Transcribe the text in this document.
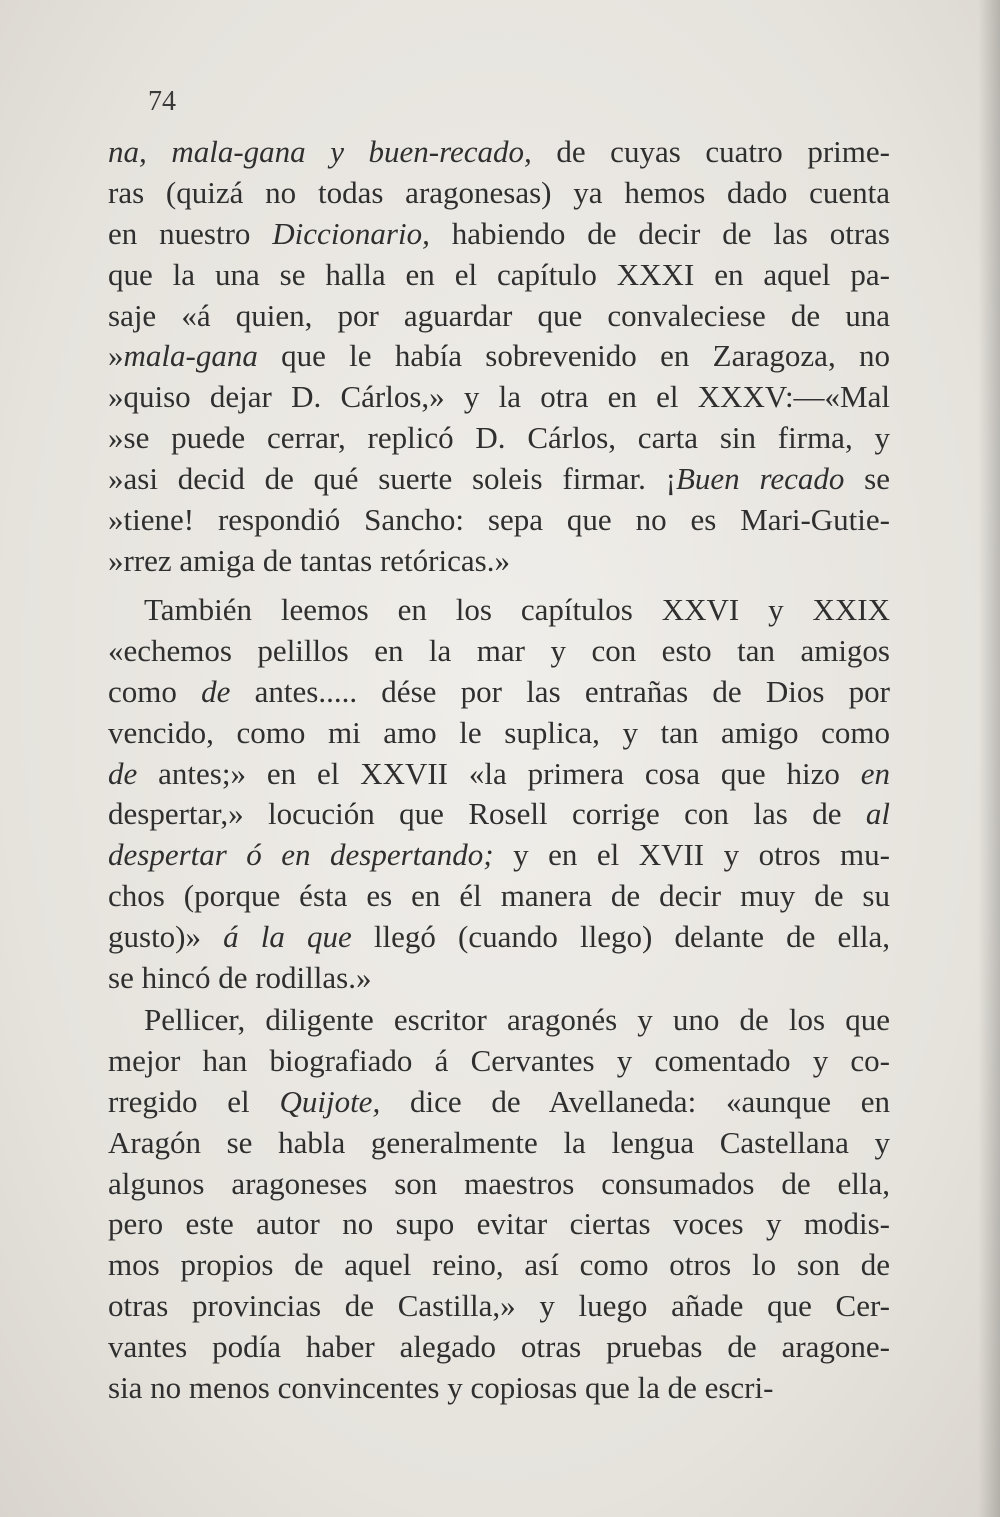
74
na, mala-gana y buen-recado, de cuyas cuatro prime-
ras (quizá no todas aragonesas) ya hemos dado cuenta
en nuestro Diccionario, habiendo de decir de las otras
que la una se halla en el capítulo XXXI en aquel pa-
saje «á quien, por aguardar que convaleciese de una
»mala-gana que le había sobrevenido en Zaragoza, no
»quiso dejar D. Cárlos,» y la otra en el XXXV:—«Mal
»se puede cerrar, replicó D. Cárlos, carta sin firma, y
»asi decid de qué suerte soleis firmar. ¡Buen recado se
»tiene! respondió Sancho: sepa que no es Mari-Gutie-
»rrez amiga de tantas retóricas.»
También leemos en los capítulos XXVI y XXIX
«echemos pelillos en la mar y con esto tan amigos
como de antes..... dése por las entrañas de Dios por
vencido, como mi amo le suplica, y tan amigo como
de antes;» en el XXVII «la primera cosa que hizo en
despertar,» locución que Rosell corrige con las de al
despertar ó en despertando; y en el XVII y otros mu-
chos (porque ésta es en él manera de decir muy de su
gusto)» á la que llegó (cuando llego) delante de ella,
se hincó de rodillas.»
Pellicer, diligente escritor aragonés y uno de los que
mejor han biografiado á Cervantes y comentado y co-
rregido el Quijote, dice de Avellaneda: «aunque en
Aragón se habla generalmente la lengua Castellana y
algunos aragoneses son maestros consumados de ella,
pero este autor no supo evitar ciertas voces y modis-
mos propios de aquel reino, así como otros lo son de
otras provincias de Castilla,» y luego añade que Cer-
vantes podía haber alegado otras pruebas de aragone-
sia no menos convincentes y copiosas que la de escri-
